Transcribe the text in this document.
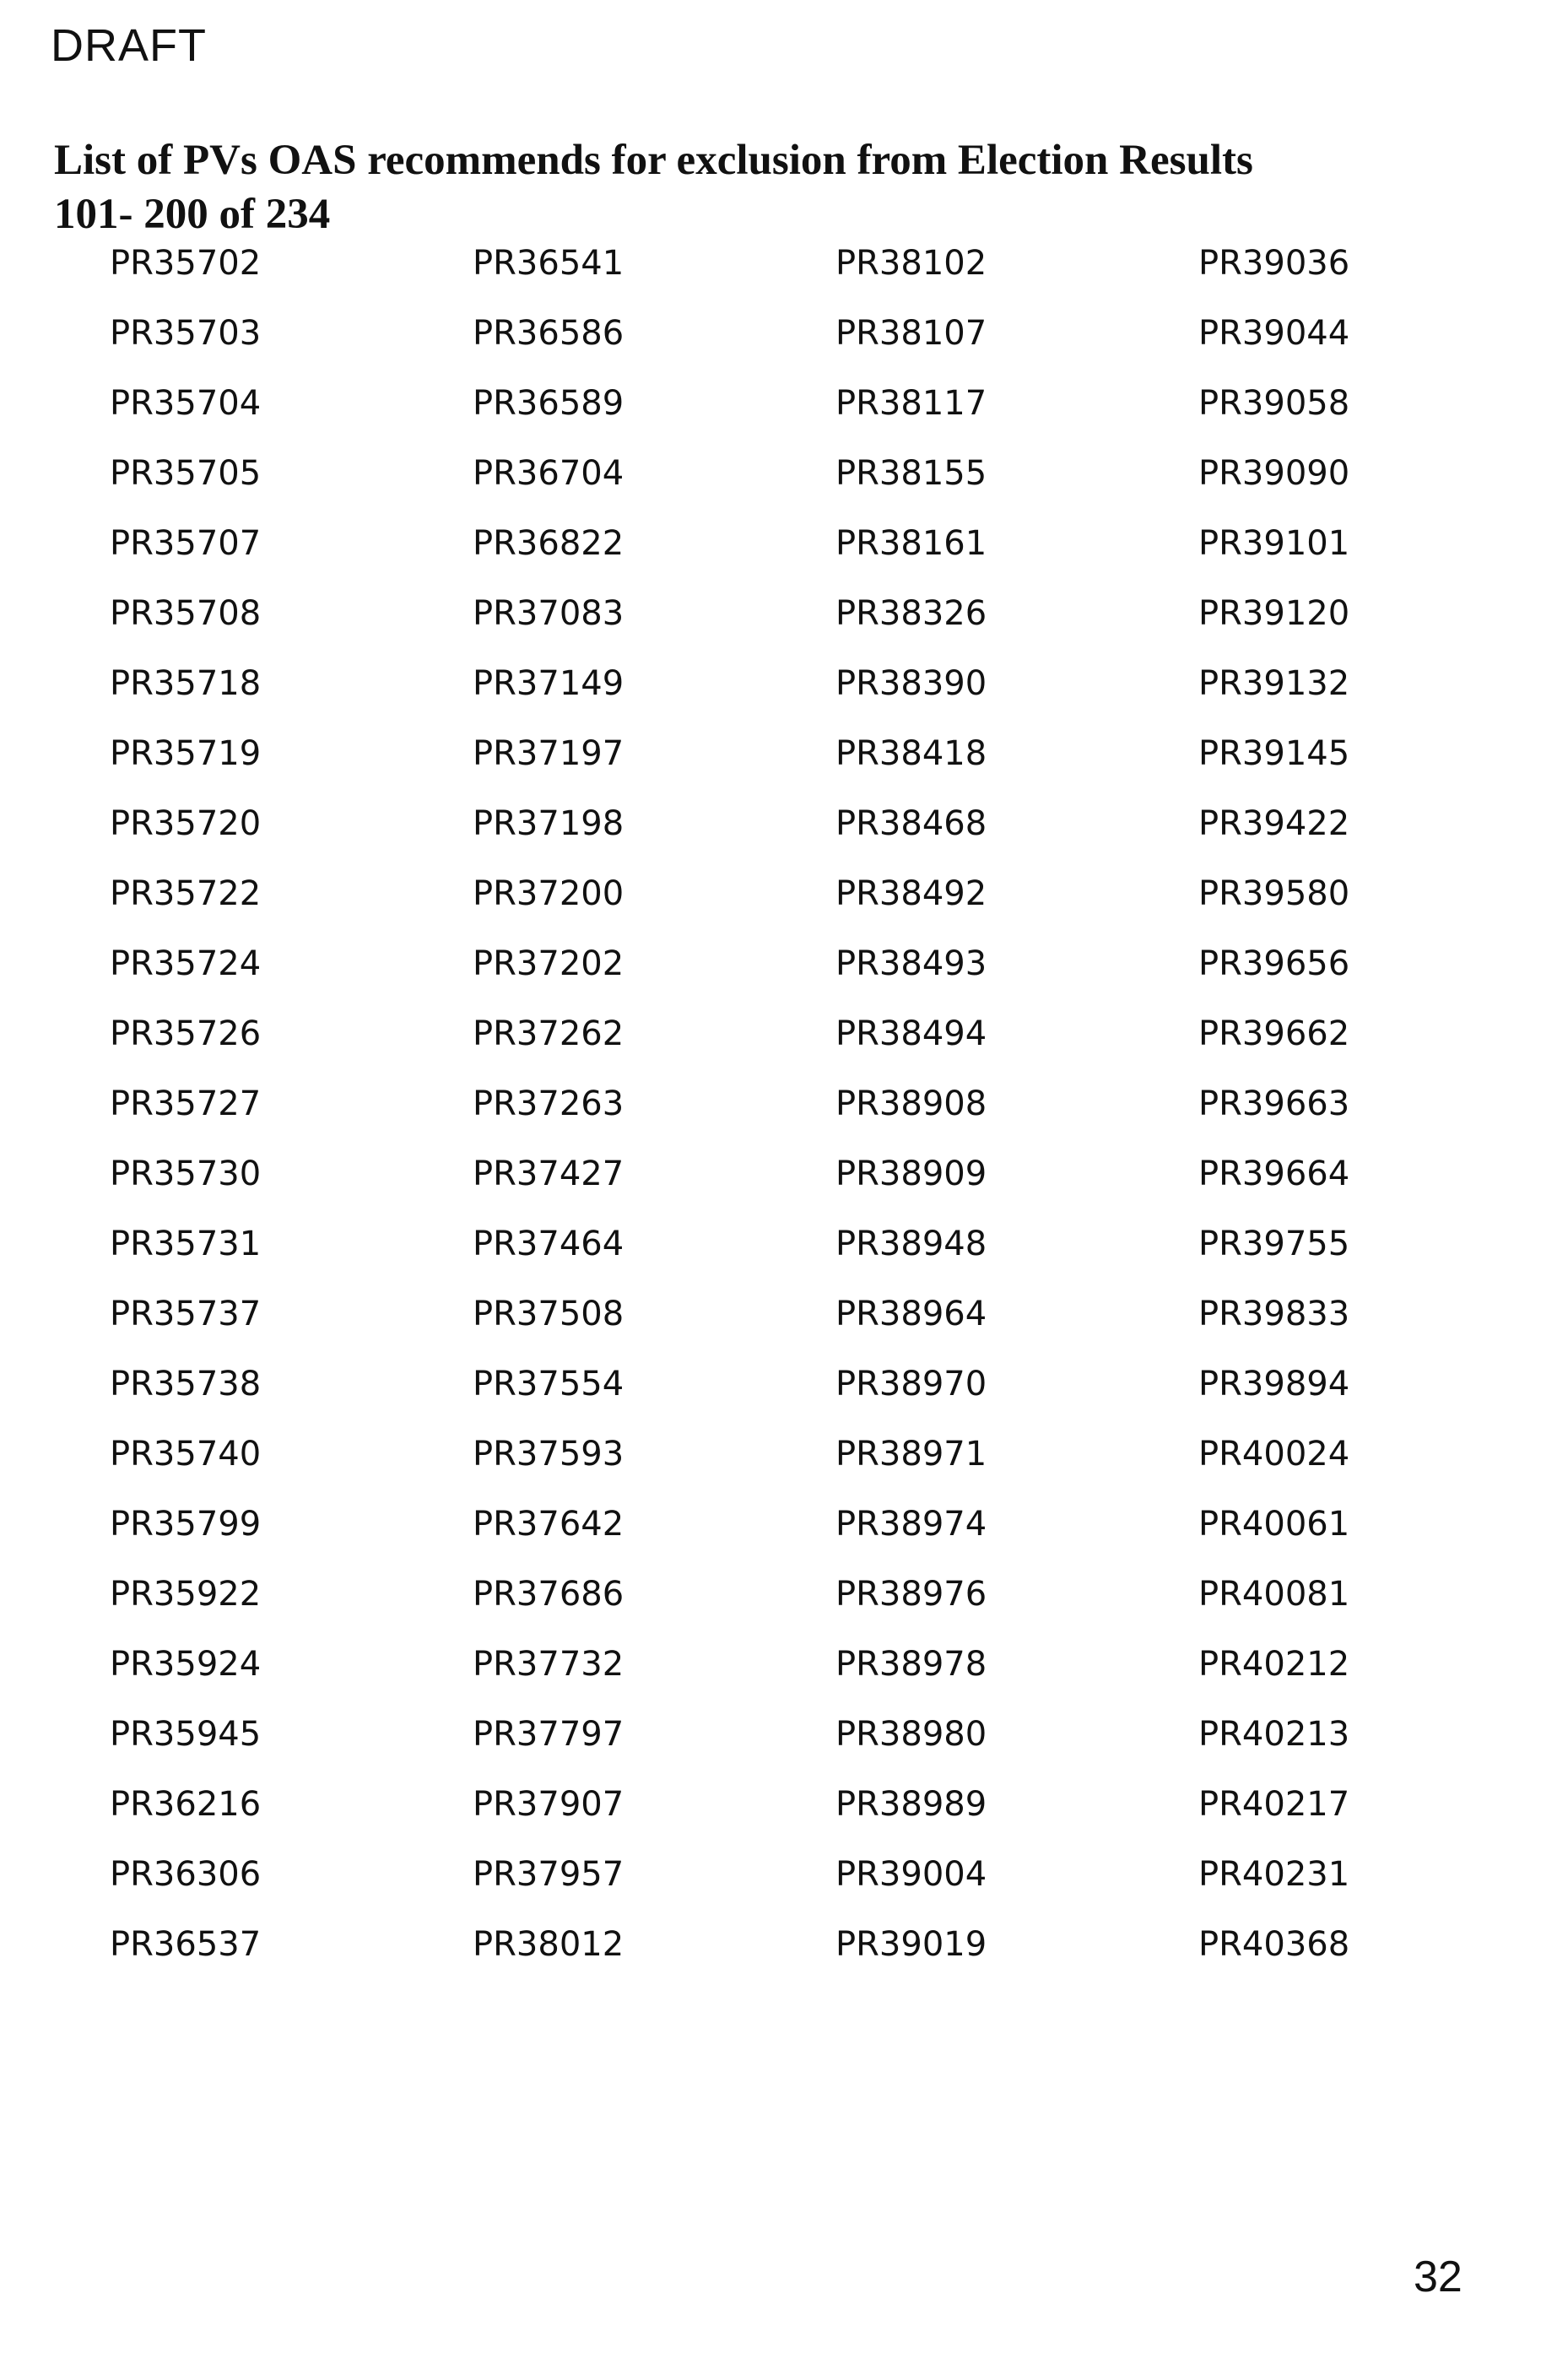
DRAFT
List of PVs OAS recommends for exclusion from Election Results
101- 200 of 234
PR35702
PR35703
PR35704
PR35705
PR35707
PR35708
PR35718
PR35719
PR35720
PR35722
PR35724
PR35726
PR35727
PR35730
PR35731
PR35737
PR35738
PR35740
PR35799
PR35922
PR35924
PR35945
PR36216
PR36306
PR36537
PR36541
PR36586
PR36589
PR36704
PR36822
PR37083
PR37149
PR37197
PR37198
PR37200
PR37202
PR37262
PR37263
PR37427
PR37464
PR37508
PR37554
PR37593
PR37642
PR37686
PR37732
PR37797
PR37907
PR37957
PR38012
PR38102
PR38107
PR38117
PR38155
PR38161
PR38326
PR38390
PR38418
PR38468
PR38492
PR38493
PR38494
PR38908
PR38909
PR38948
PR38964
PR38970
PR38971
PR38974
PR38976
PR38978
PR38980
PR38989
PR39004
PR39019
PR39036
PR39044
PR39058
PR39090
PR39101
PR39120
PR39132
PR39145
PR39422
PR39580
PR39656
PR39662
PR39663
PR39664
PR39755
PR39833
PR39894
PR40024
PR40061
PR40081
PR40212
PR40213
PR40217
PR40231
PR40368
32
